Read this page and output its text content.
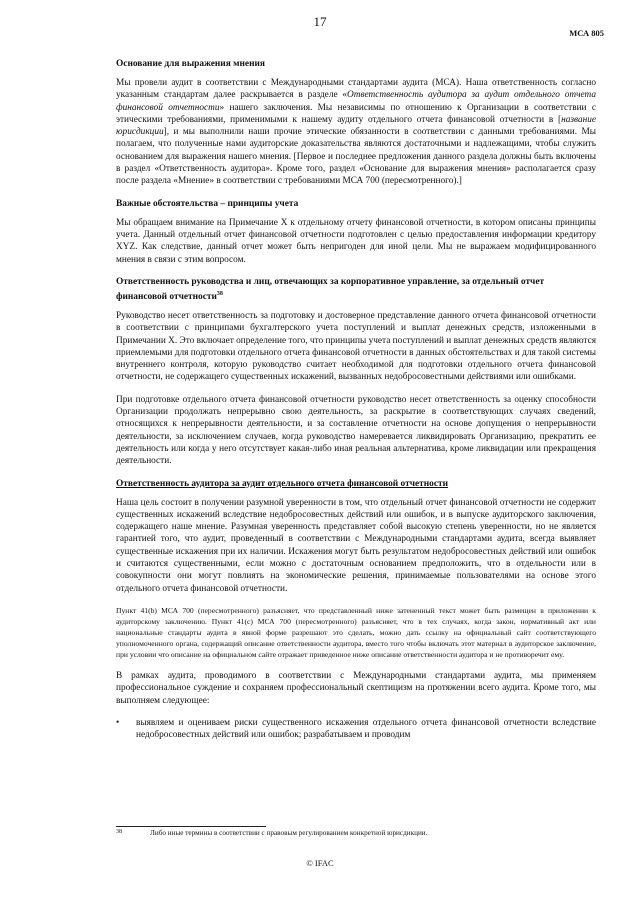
17
МСА 805
Основание для выражения мнения

Мы провели аудит в соответствии с Международными стандартами аудита (МСА). Наша ответственность согласно указанным стандартам далее раскрывается в разделе «Ответственность аудитора за аудит отдельного отчета финансовой отчетности» нашего заключения. Мы независимы по отношению к Организации в соответствии с этическими требованиями, применимыми к нашему аудиту отдельного отчета финансовой отчетности в [название юрисдикции], и мы выполнили наши прочие этические обязанности в соответствии с данными требованиями. Мы полагаем, что полученные нами аудиторские доказательства являются достаточными и надлежащими, чтобы служить основанием для выражения нашего мнения. [Первое и последнее предложения данного раздела должны быть включены в раздел «Ответственность аудитора». Кроме того, раздел «Основание для выражения мнения» располагается сразу после раздела «Мнение» в соответствии с требованиями МСА 700 (пересмотренного).]

Важные обстоятельства – принципы учета

Мы обращаем внимание на Примечание X к отдельному отчету финансовой отчетности, в котором описаны принципы учета. Данный отдельный отчет финансовой отчетности подготовлен с целью предоставления информации кредитору XYZ. Как следствие, данный отчет может быть непригоден для иной цели. Мы не выражаем модифицированного мнения в связи с этим вопросом.

Ответственность руководства и лиц, отвечающих за корпоративное управление, за отдельный отчет финансовой отчетности$^{38}$

Руководство несет ответственность за подготовку и достоверное представление данного отчета финансовой отчетности в соответствии с принципами бухгалтерского учета поступлений и выплат денежных средств, изложенными в Примечании X. Это включает определение того, что принципы учета поступлений и выплат денежных средств являются приемлемыми для подготовки отдельного отчета финансовой отчетности в данных обстоятельствах и для такой системы внутреннего контроля, которую руководство считает необходимой для подготовки отдельного отчета финансовой отчетности, не содержащего существенных искажений, вызванных недобросовестными действиями или ошибками.

При подготовке отдельного отчета финансовой отчетности руководство несет ответственность за оценку способности Организации продолжать непрерывно свою деятельность, за раскрытие в соответствующих случаях сведений, относящихся к непрерывности деятельности, и за составление отчетности на основе допущения о непрерывности деятельности, за исключением случаев, когда руководство намеревается ликвидировать Организацию, прекратить ее деятельность или когда у него отсутствует какая-либо иная реальная альтернатива, кроме ликвидации или прекращения деятельности.

Ответственность аудитора за аудит отдельного отчета финансовой отчетности

Наша цель состоит в получении разумной уверенности в том, что отдельный отчет финансовой отчетности не содержит существенных искажений вследствие недобросовестных действий или ошибок, и в выпуске аудиторского заключения, содержащего наше мнение. Разумная уверенность представляет собой высокую степень уверенности, но не является гарантией того, что аудит, проведенный в соответствии с Международными стандартами аудита, всегда выявляет существенные искажения при их наличии. Искажения могут быть результатом недобросовестных действий или ошибок и считаются существенными, если можно с достаточным основанием предположить, что в отдельности или в совокупности они могут повлиять на экономические решения, принимаемые пользователями на основе этого отдельного отчета финансовой отчетности.

Пункт 41(b) МСА 700 (пересмотренного) разъясняет, что представленный ниже затененный текст может быть размещен в приложении к аудиторскому заключению. Пункт 41(c) МСА 700 (пересмотренного) разъясняет, что в тех случаях, когда закон, нормативный акт или национальные стандарты аудита в явной форме разрешают это сделать, можно дать ссылку на официальный сайт соответствующего уполномоченного органа, содержащий описание ответственности аудитора, вместо того чтобы включать этот материал в аудиторское заключение, при условии что описание на официальном сайте отражает приведенное ниже описание ответственности аудитора и не противоречит ему.

В рамках аудита, проводимого в соответствии с Международными стандартами аудита, мы применяем профессиональное суждение и сохраняем профессиональный скептицизм на протяжении всего аудита. Кроме того, мы выполняем следующее:

•	выявляем и оцениваем риски существенного искажения отдельного отчета финансовой отчетности вследствие недобросовестных действий или ошибок; разрабатываем и проводим
38	Либо иные термины в соответствии с правовым регулированием конкретной юрисдикции.
© IFAC
